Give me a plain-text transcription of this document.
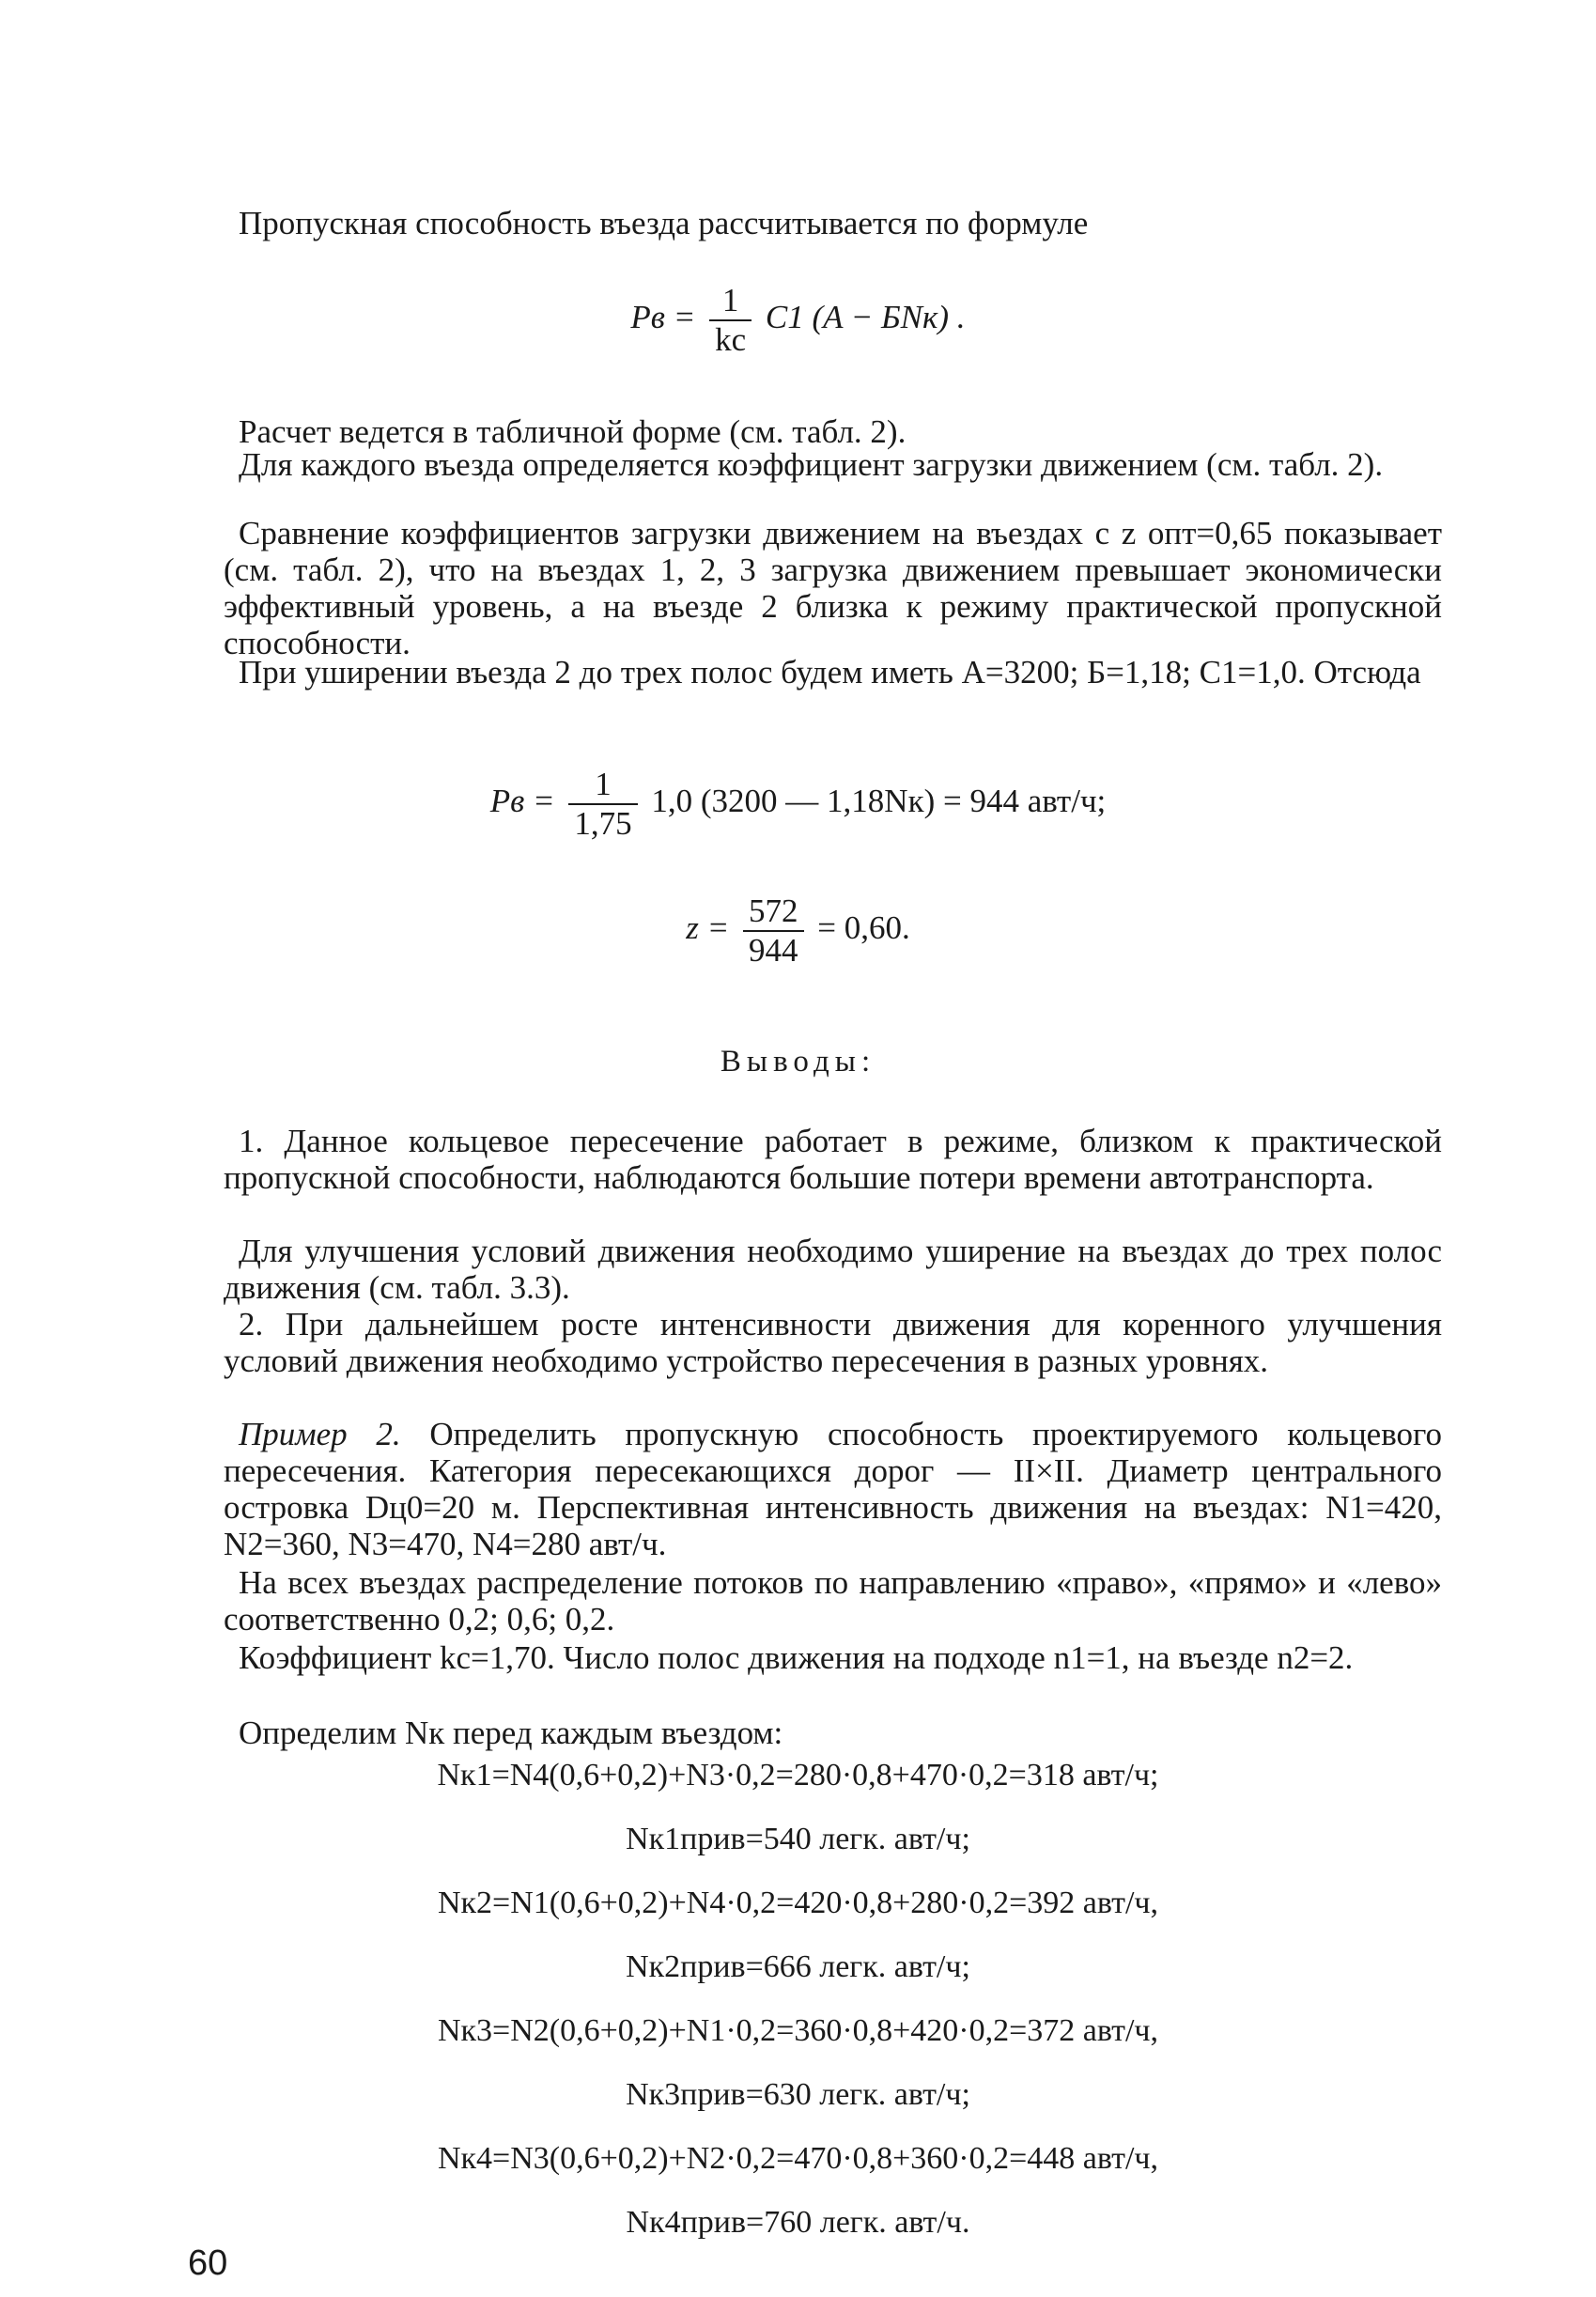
Пропускная способность въезда рассчитывается по формуле

Pв = $\frac{1}{kс} C1$ (A − БNк) .

Расчет ведется в табличной форме (см. табл. 2).

Для каждого въезда определяется коэффициент загрузки движением (см. табл. 2).

Сравнение коэффициентов загрузки движением на въездах с z опт=0,65 показывает (см. табл. 2), что на въездах 1, 2, 3 загрузка движением превышает экономически эффективный уровень, а на въезде 2 близка к режиму практической пропускной способности.

При уширении въезда 2 до трех полос будем иметь A=3200; Б=1,18; C1=1,0. Отсюда

Pв = $\frac{1}{1,75} 1,0$ (3200 — 1,18Nк) = 944 авт/ч;
$z = \frac{572}{944} = 0,60$.
Выводы:

1. Данное кольцевое пересечение работает в режиме, близком к практической пропускной способности, наблюдаются большие потери времени автотранспорта.

Для улучшения условий движения необходимо уширение на въездах до трех полос движения (см. табл. 3.3).

2. При дальнейшем росте интенсивности движения для коренного улучшения условий движения необходимо устройство пересечения в разных уровнях.

Пример 2. Определить пропускную способность проектируемого кольцевого пересечения. Категория пересекающихся дорог — II×II. Диаметр центрального островка Dц0=20 м. Перспективная интенсивность движения на въездах: N1=420, N2=360, N3=470, N4=280 авт/ч.

На всех въездах распределение потоков по направлению «право», «прямо» и «лево» соответственно 0,2; 0,6; 0,2.

Коэффициент kс=1,70. Число полос движения на подходе n1=1, на въезде n2=2.

Определим Nк перед каждым въездом:

Nк1=N4(0,6+0,2)+N3·0,2=280·0,8+470·0,2=318 авт/ч;
Nк1прив=540 легк. авт/ч;
Nк2=N1(0,6+0,2)+N4·0,2=420·0,8+280·0,2=392 авт/ч,
Nк2прив=666 легк. авт/ч;
Nк3=N2(0,6+0,2)+N1·0,2=360·0,8+420·0,2=372 авт/ч,
Nк3прив=630 легк. авт/ч;
Nк4=N3(0,6+0,2)+N2·0,2=470·0,8+360·0,2=448 авт/ч,
Nк4прив=760 легк. авт/ч.
60
